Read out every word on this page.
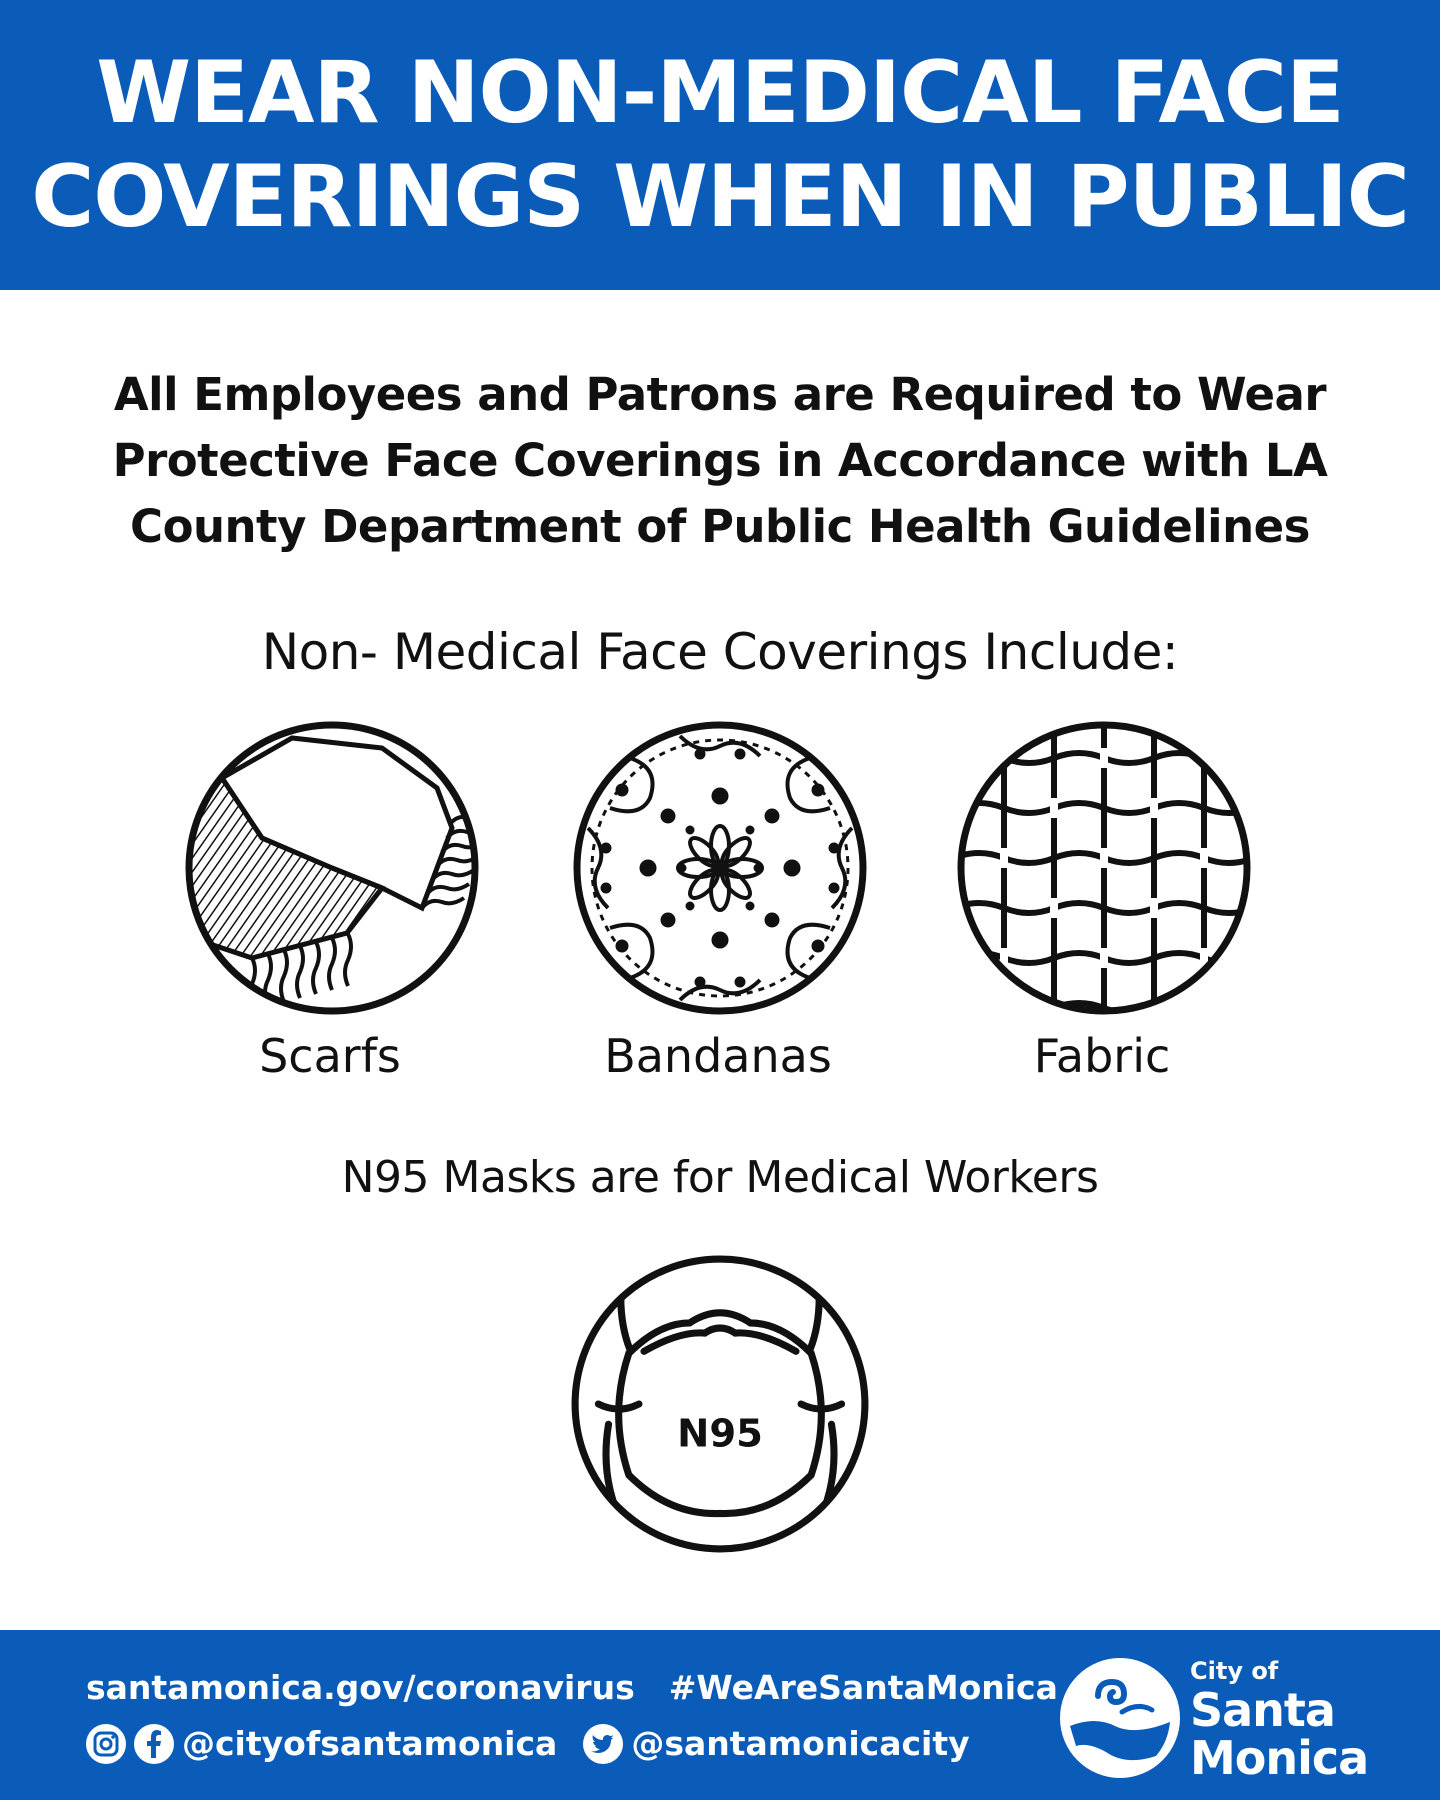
WEAR NON-MEDICAL FACE
COVERINGS WHEN IN PUBLIC
All Employees and Patrons are Required to Wear
Protective Face Coverings in Accordance with LA
County Department of Public Health Guidelines
Non- Medical Face Coverings Include:
Scarfs	Bandanas	Fabric
N95 Masks are for Medical Workers
N95
santamonica.gov/coronavirus #WeAreSantaMonica
@cityofsantamonica @santamonicacity
City of
Santa
Monica
